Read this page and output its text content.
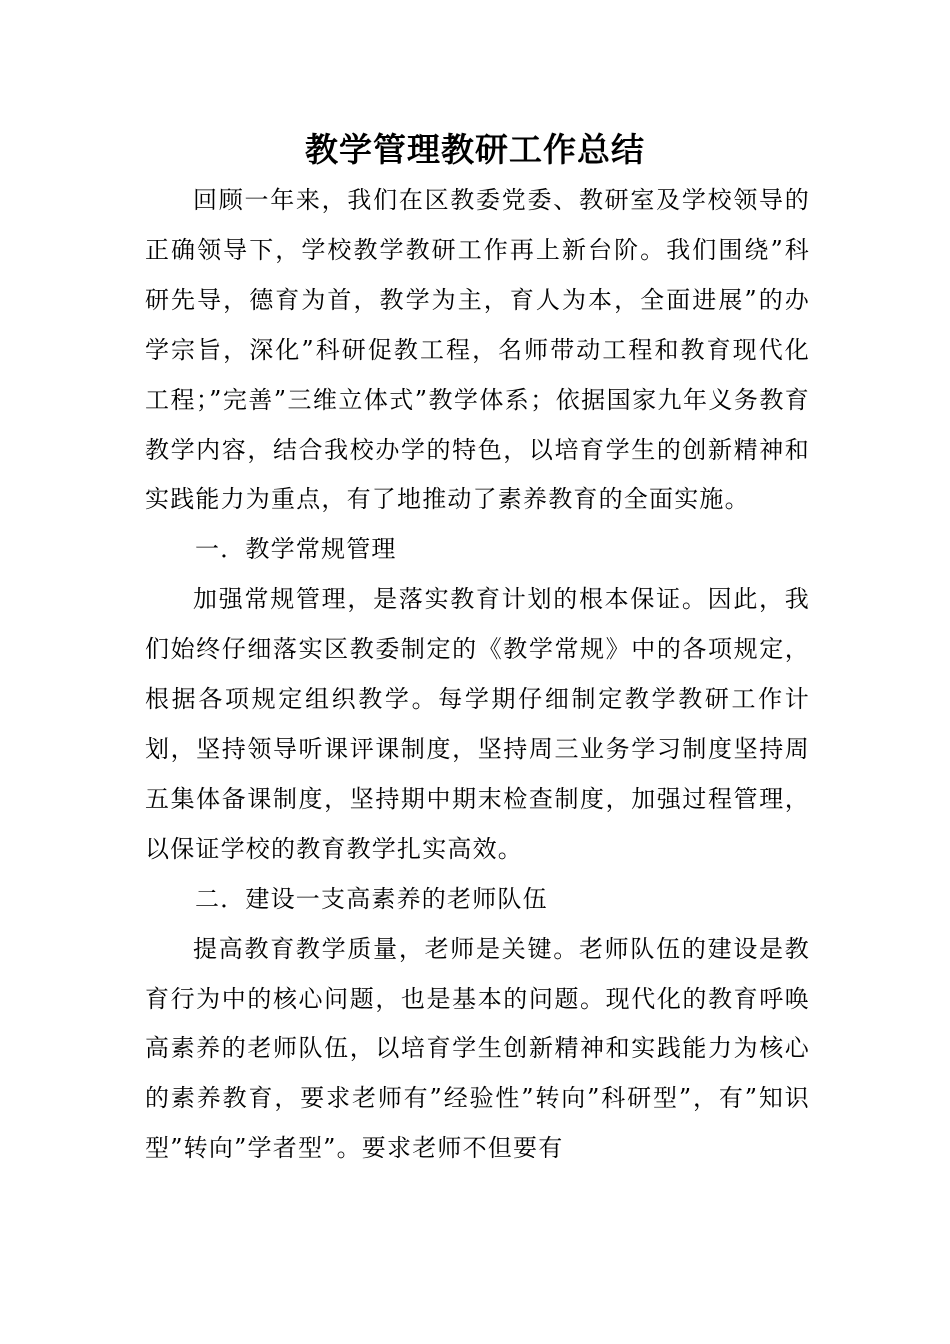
教学管理教研工作总结

回顾一年来，我们在区教委党委、教研室及学校领导的正确领导下，学校教学教研工作再上新台阶。我们围绕”科研先导，德育为首，教学为主，育人为本，全面进展”的办学宗旨，深化”科研促教工程，名师带动工程和教育现代化工程；”完善”三维立体式”教学体系；依据国家九年义务教育教学内容，结合我校办学的特色，以培育学生的创新精神和实践能力为重点，有了地推动了素养教育的全面实施。

一．教学常规管理

加强常规管理，是落实教育计划的根本保证。因此，我们始终仔细落实区教委制定的《教学常规》中的各项规定，根据各项规定组织教学。每学期仔细制定教学教研工作计划，坚持领导听课评课制度，坚持周三业务学习制度坚持周五集体备课制度，坚持期中期末检查制度，加强过程管理，以保证学校的教育教学扎实高效。

二．建设一支高素养的老师队伍

提高教育教学质量，老师是关键。老师队伍的建设是教育行为中的核心问题，也是基本的问题。现代化的教育呼唤高素养的老师队伍，以培育学生创新精神和实践能力为核心的素养教育，要求老师有”经验性”转向”科研型”，有”知识型”转向”学者型”。要求老师不但要有
